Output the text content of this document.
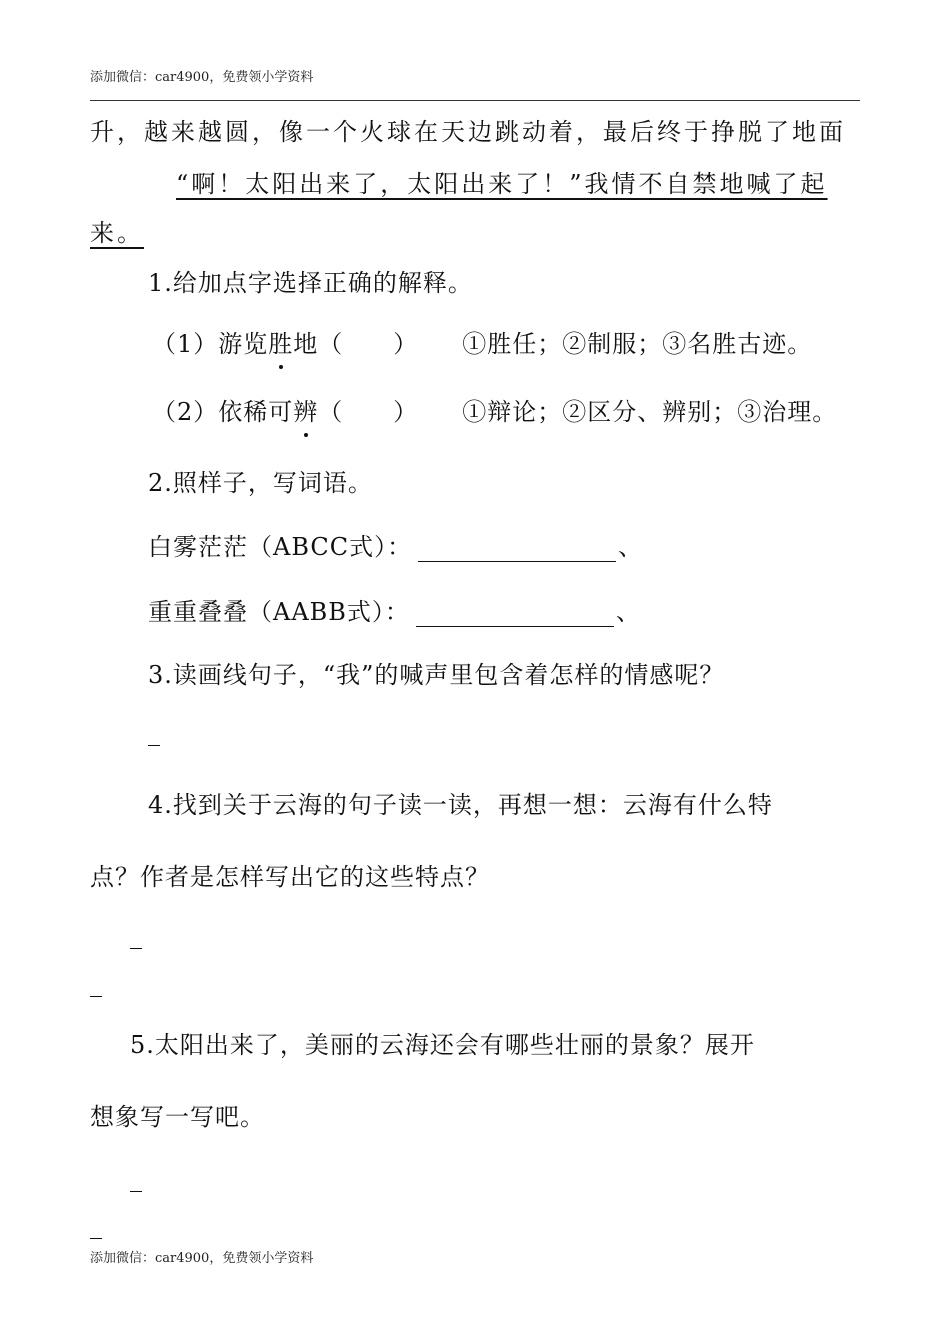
添加微信：car4900，免费领小学资料
升，越来越圆，像一个火球在天边跳动着，最后终于挣脱了地面
“啊！太阳出来了，太阳出来了！”我情不自禁地喊了起
来。
1.给加点字选择正确的解释。
（1）游览胜地（　　） ①胜任；②制服；③名胜古迹。
（2）依稀可辨（　　） ①辩论；②区分、辨别；③治理。
2.照样子，写词语。
白雾茫茫（ABCC式）：	、
重重叠叠（AABB式）：	、
3.读画线句子，“我”的喊声里包含着怎样的情感呢？
4.找到关于云海的句子读一读，再想一想：云海有什么特
点？作者是怎样写出它的这些特点？
5.太阳出来了，美丽的云海还会有哪些壮丽的景象？展开
想象写一写吧。
添加微信：car4900，免费领小学资料
